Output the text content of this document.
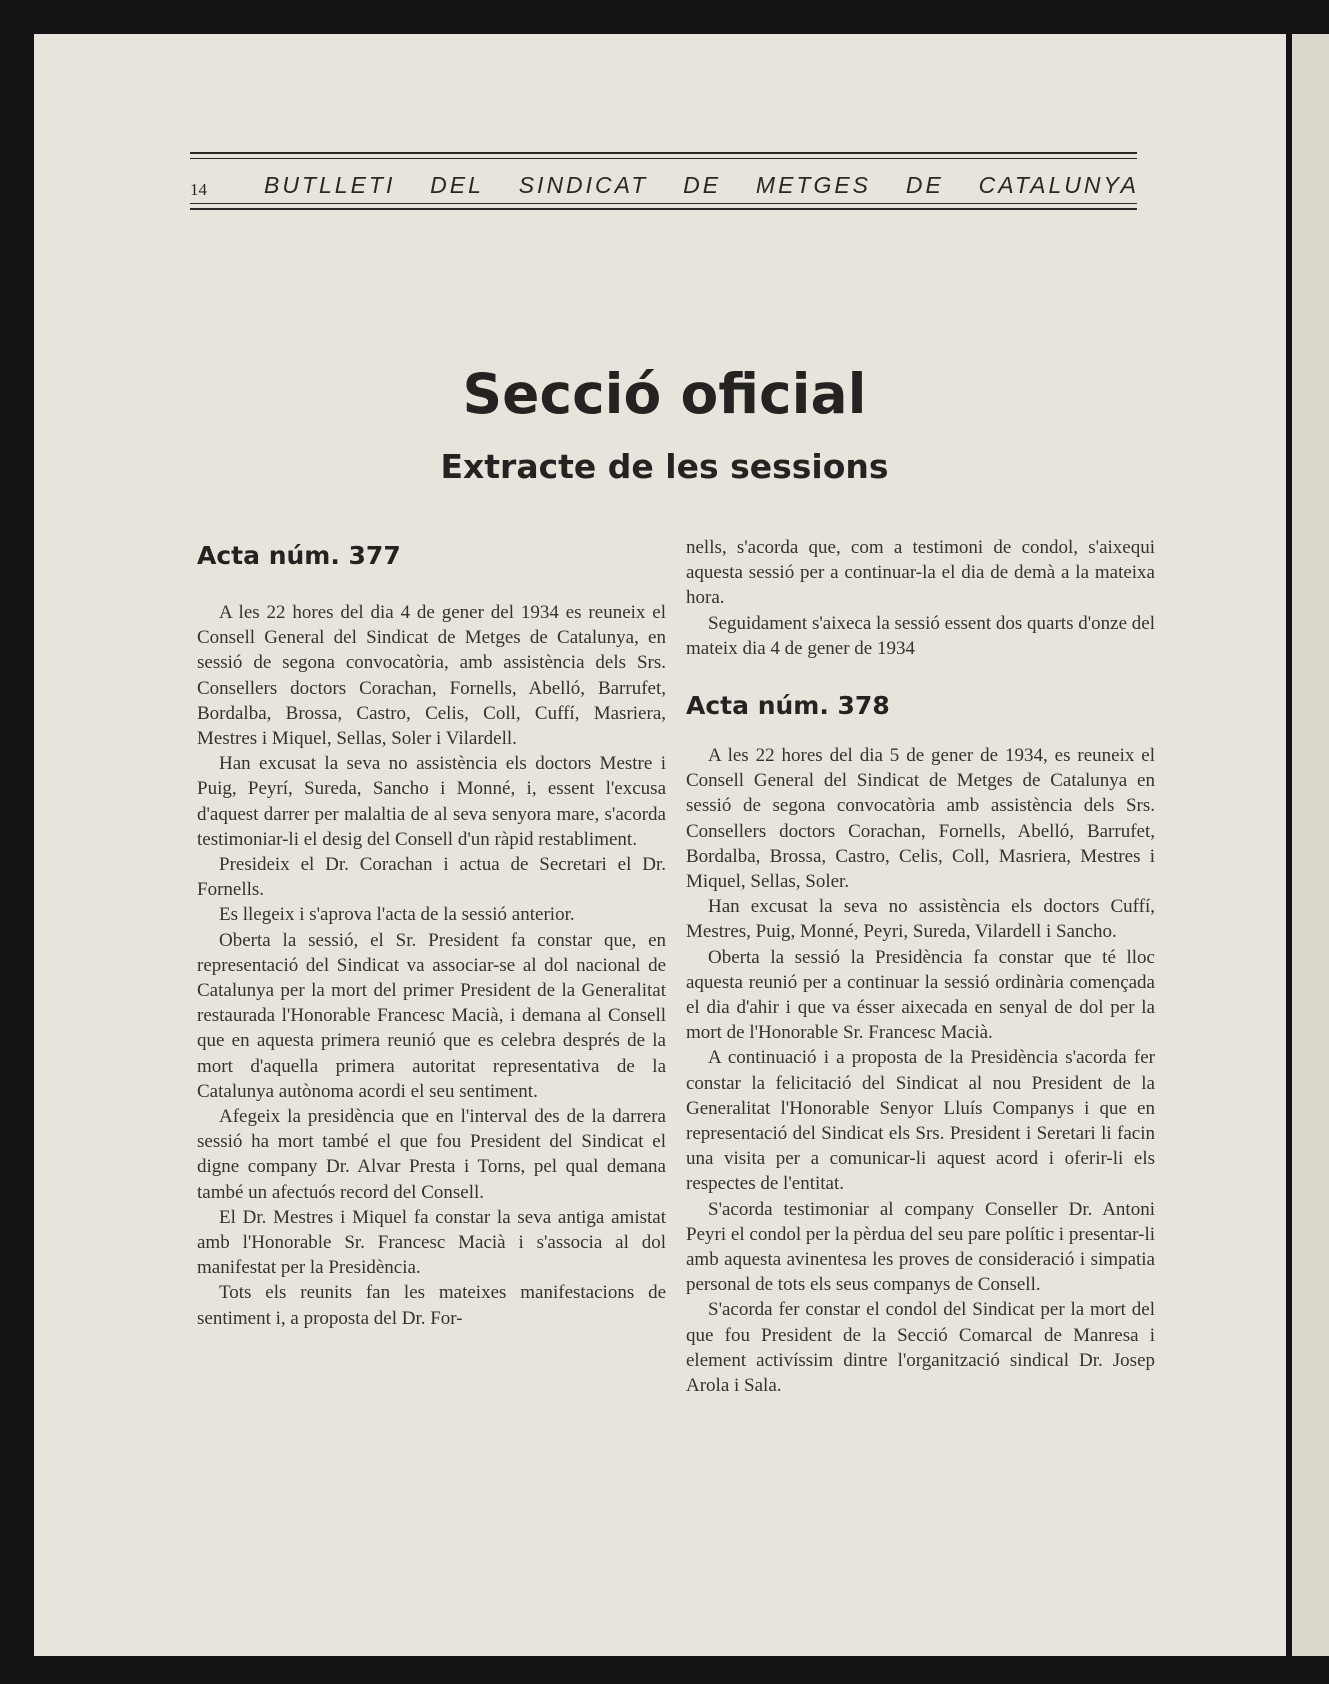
14 BUTLLETI DEL SINDICAT DE METGES DE CATALUNYA
Secció oficial
Extracte de les sessions
Acta núm. 377

A les 22 hores del dia 4 de gener del 1934 es reuneix el Consell General del Sindicat de Metges de Catalunya, en sessió de segona convocatòria, amb assistència dels Srs. Consellers doctors Corachan, Fornells, Abelló, Barrufet, Bordalba, Brossa, Castro, Celis, Coll, Cuffí, Masriera, Mestres i Miquel, Sellas, Soler i Vilardell.

Han excusat la seva no assistència els doctors Mestre i Puig, Peyrí, Sureda, Sancho i Monné, i, essent l'excusa d'aquest darrer per malaltia de al seva senyora mare, s'acorda testimoniar-li el desig del Consell d'un ràpid restabliment.

Presideix el Dr. Corachan i actua de Secretari el Dr. Fornells.

Es llegeix i s'aprova l'acta de la sessió anterior.

Oberta la sessió, el Sr. President fa constar que, en representació del Sindicat va associar-se al dol nacional de Catalunya per la mort del primer President de la Generalitat restaurada l'Honorable Francesc Macià, i demana al Consell que en aquesta primera reunió que es celebra després de la mort d'aquella primera autoritat representativa de la Catalunya autònoma acordi el seu sentiment.

Afegeix la presidència que en l'interval des de la darrera sessió ha mort també el que fou President del Sindicat el digne company Dr. Alvar Presta i Torns, pel qual demana també un afectuós record del Consell.

El Dr. Mestres i Miquel fa constar la seva antiga amistat amb l'Honorable Sr. Francesc Macià i s'associa al dol manifestat per la Presidència.

Tots els reunits fan les mateixes manifestacions de sentiment i, a proposta del Dr. For-

nells, s'acorda que, com a testimoni de condol, s'aixequi aquesta sessió per a continuar-la el dia de demà a la mateixa hora.

Seguidament s'aixeca la sessió essent dos quarts d'onze del mateix dia 4 de gener de 1934

Acta núm. 378

A les 22 hores del dia 5 de gener de 1934, es reuneix el Consell General del Sindicat de Metges de Catalunya en sessió de segona convocatòria amb assistència dels Srs. Consellers doctors Corachan, Fornells, Abelló, Barrufet, Bordalba, Brossa, Castro, Celis, Coll, Masriera, Mestres i Miquel, Sellas, Soler.

Han excusat la seva no assistència els doctors Cuffí, Mestres, Puig, Monné, Peyri, Sureda, Vilardell i Sancho.

Oberta la sessió la Presidència fa constar que té lloc aquesta reunió per a continuar la sessió ordinària començada el dia d'ahir i que va ésser aixecada en senyal de dol per la mort de l'Honorable Sr. Francesc Macià.

A continuació i a proposta de la Presidència s'acorda fer constar la felicitació del Sindicat al nou President de la Generalitat l'Honorable Senyor Lluís Companys i que en representació del Sindicat els Srs. President i Seretari li facin una visita per a comunicar-li aquest acord i oferir-li els respectes de l'entitat.

S'acorda testimoniar al company Conseller Dr. Antoni Peyri el condol per la pèrdua del seu pare polític i presentar-li amb aquesta avinentesa les proves de consideració i simpatia personal de tots els seus companys de Consell.

S'acorda fer constar el condol del Sindicat per la mort del que fou President de la Secció Comarcal de Manresa i element activíssim dintre l'organització sindical Dr. Josep Arola i Sala.
